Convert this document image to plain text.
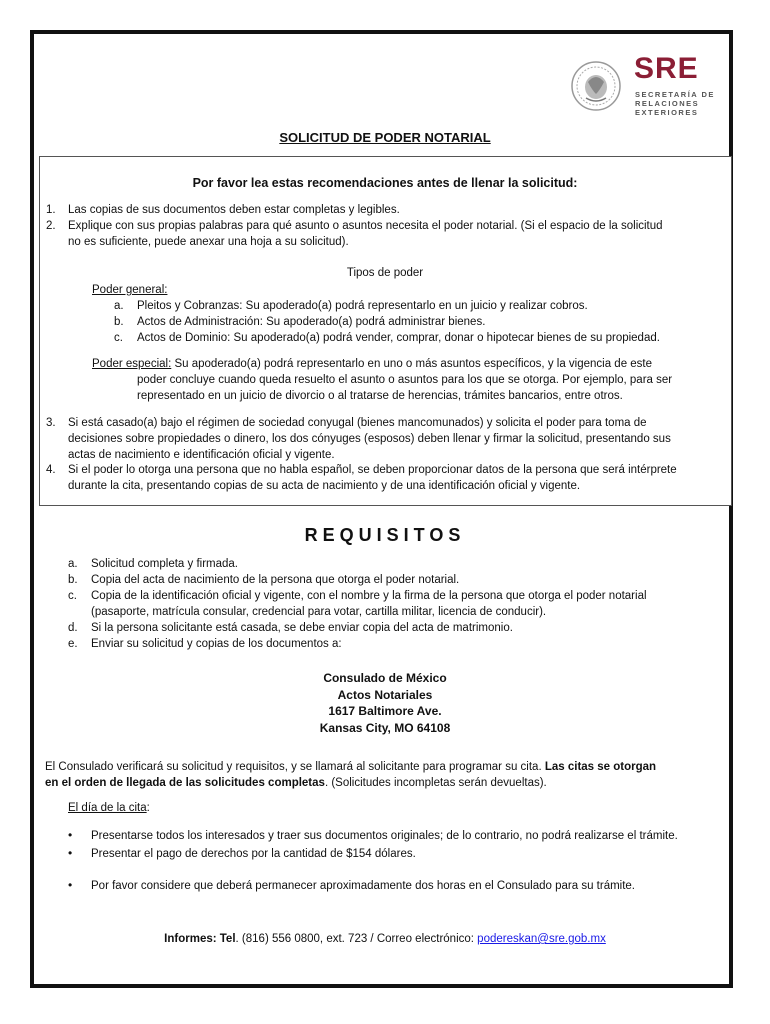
SRE
SECRETARÍA DE
RELACIONES
EXTERIORES
SOLICITUD DE PODER NOTARIAL
Por favor lea estas recomendaciones antes de llenar la solicitud:
1. Las copias de sus documentos deben estar completas y legibles.
2. Explique con sus propias palabras para qué asunto o asuntos necesita el poder notarial. (Si el espacio de la solicitud
no es suficiente, puede anexar una hoja a su solicitud).
Tipos de poder
Poder general:
a. Pleitos y Cobranzas: Su apoderado(a) podrá representarlo en un juicio y realizar cobros.
b. Actos de Administración: Su apoderado(a) podrá administrar bienes.
c. Actos de Dominio: Su apoderado(a) podrá vender, comprar, donar o hipotecar bienes de su propiedad.
Poder especial: Su apoderado(a) podrá representarlo en uno o más asuntos específicos, y la vigencia de este
poder concluye cuando queda resuelto el asunto o asuntos para los que se otorga. Por ejemplo, para ser
representado en un juicio de divorcio o al tratarse de herencias, trámites bancarios, entre otros.
3. Si está casado(a) bajo el régimen de sociedad conyugal (bienes mancomunados) y solicita el poder para toma de
decisiones sobre propiedades o dinero, los dos cónyuges (esposos) deben llenar y firmar la solicitud, presentando sus
actas de nacimiento e identificación oficial y vigente.
4. Si el poder lo otorga una persona que no habla español, se deben proporcionar datos de la persona que será intérprete
durante la cita, presentando copias de su acta de nacimiento y de una identificación oficial y vigente.
REQUISITOS
a. Solicitud completa y firmada.
b. Copia del acta de nacimiento de la persona que otorga el poder notarial.
c. Copia de la identificación oficial y vigente, con el nombre y la firma de la persona que otorga el poder notarial
(pasaporte, matrícula consular, credencial para votar, cartilla militar, licencia de conducir).
d. Si la persona solicitante está casada, se debe enviar copia del acta de matrimonio.
e. Enviar su solicitud y copias de los documentos a:
Consulado de México
Actos Notariales
1617 Baltimore Ave.
Kansas City, MO 64108
El Consulado verificará su solicitud y requisitos, y se llamará al solicitante para programar su cita. Las citas se otorgan
en el orden de llegada de las solicitudes completas. (Solicitudes incompletas serán devueltas).
El día de la cita:
• Presentarse todos los interesados y traer sus documentos originales; de lo contrario, no podrá realizarse el trámite.
• Presentar el pago de derechos por la cantidad de $154 dólares.
• Por favor considere que deberá permanecer aproximadamente dos horas en el Consulado para su trámite.
Informes: Tel. (816) 556 0800, ext. 723 / Correo electrónico: podereskan@sre.gob.mx
